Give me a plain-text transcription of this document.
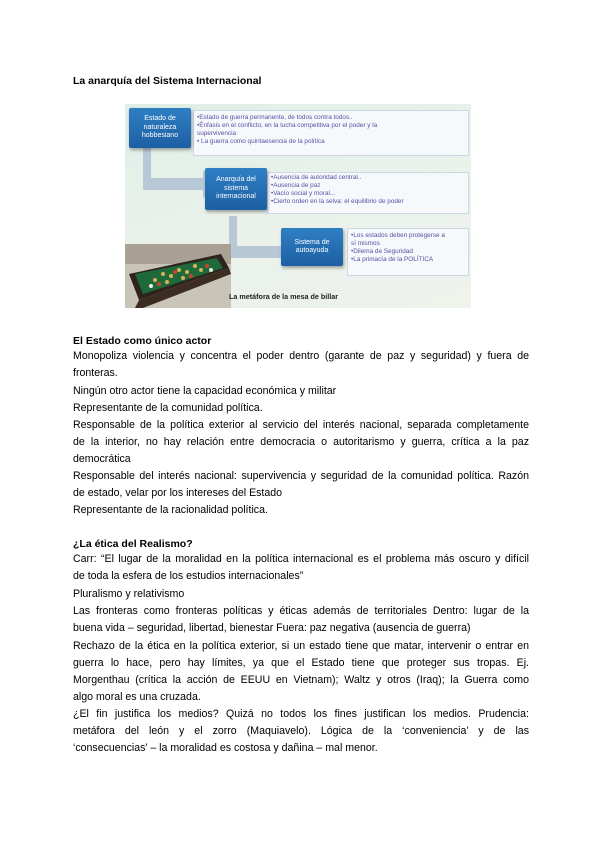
La anarquía del Sistema Internacional
Estado de naturaleza hobbesiano
Anarquía del sistema internacional
Sistema de autoayuda
•Estado de guerra permanente, de todos contra todos..
•Énfasis en el conflicto, en la lucha competitiva por el poder y la
supervivencia
• La guerra como quintaesencia de la política
•Ausencia de autoridad central..
•Ausencia de paz
•Vacío social y moral...
•Cierto orden en la selva: el equilibrio de poder
•Los estados deben protegerse a
sí mismos
•Dilema de Seguridad
•La primacía de la POLÍTICA
La metáfora de la mesa de billar
El Estado como único actor
Monopoliza violencia y concentra el poder dentro (garante de paz y seguridad) y fuera de
fronteras.
Ningún otro actor tiene la capacidad económica y militar
Representante de la comunidad política.
Responsable de la política exterior al servicio del interés nacional, separada completamente
de la interior, no hay relación entre democracia o autoritarismo y guerra, crítica a la paz
democrática
Responsable del interés nacional: supervivencia y seguridad de la comunidad política. Razón
de estado, velar por los intereses del Estado
Representante de la racionalidad política.
¿La ética del Realismo?
Carr: “El lugar de la moralidad en la política internacional es el problema más oscuro y difícil
de toda la esfera de los estudios internacionales”
Pluralismo y relativismo
Las fronteras como fronteras políticas y éticas además de territoriales Dentro: lugar de la
buena vida – seguridad, libertad, bienestar Fuera: paz negativa (ausencia de guerra)
Rechazo de la ética en la política exterior, si un estado tiene que matar, intervenir o entrar en
guerra lo hace, pero hay límites, ya que el Estado tiene que proteger sus tropas. Ej.
Morgenthau (crítica la acción de EEUU en Vietnam); Waltz y otros (Iraq); la Guerra como
algo moral es una cruzada.
¿El fin justifica los medios? Quizá no todos los fines justifican los medios. Prudencia:
metáfora del león y el zorro (Maquiavelo). Lógica de la ‘conveniencia’ y de las
‘consecuencias’ – la moralidad es costosa y dañina – mal menor.
